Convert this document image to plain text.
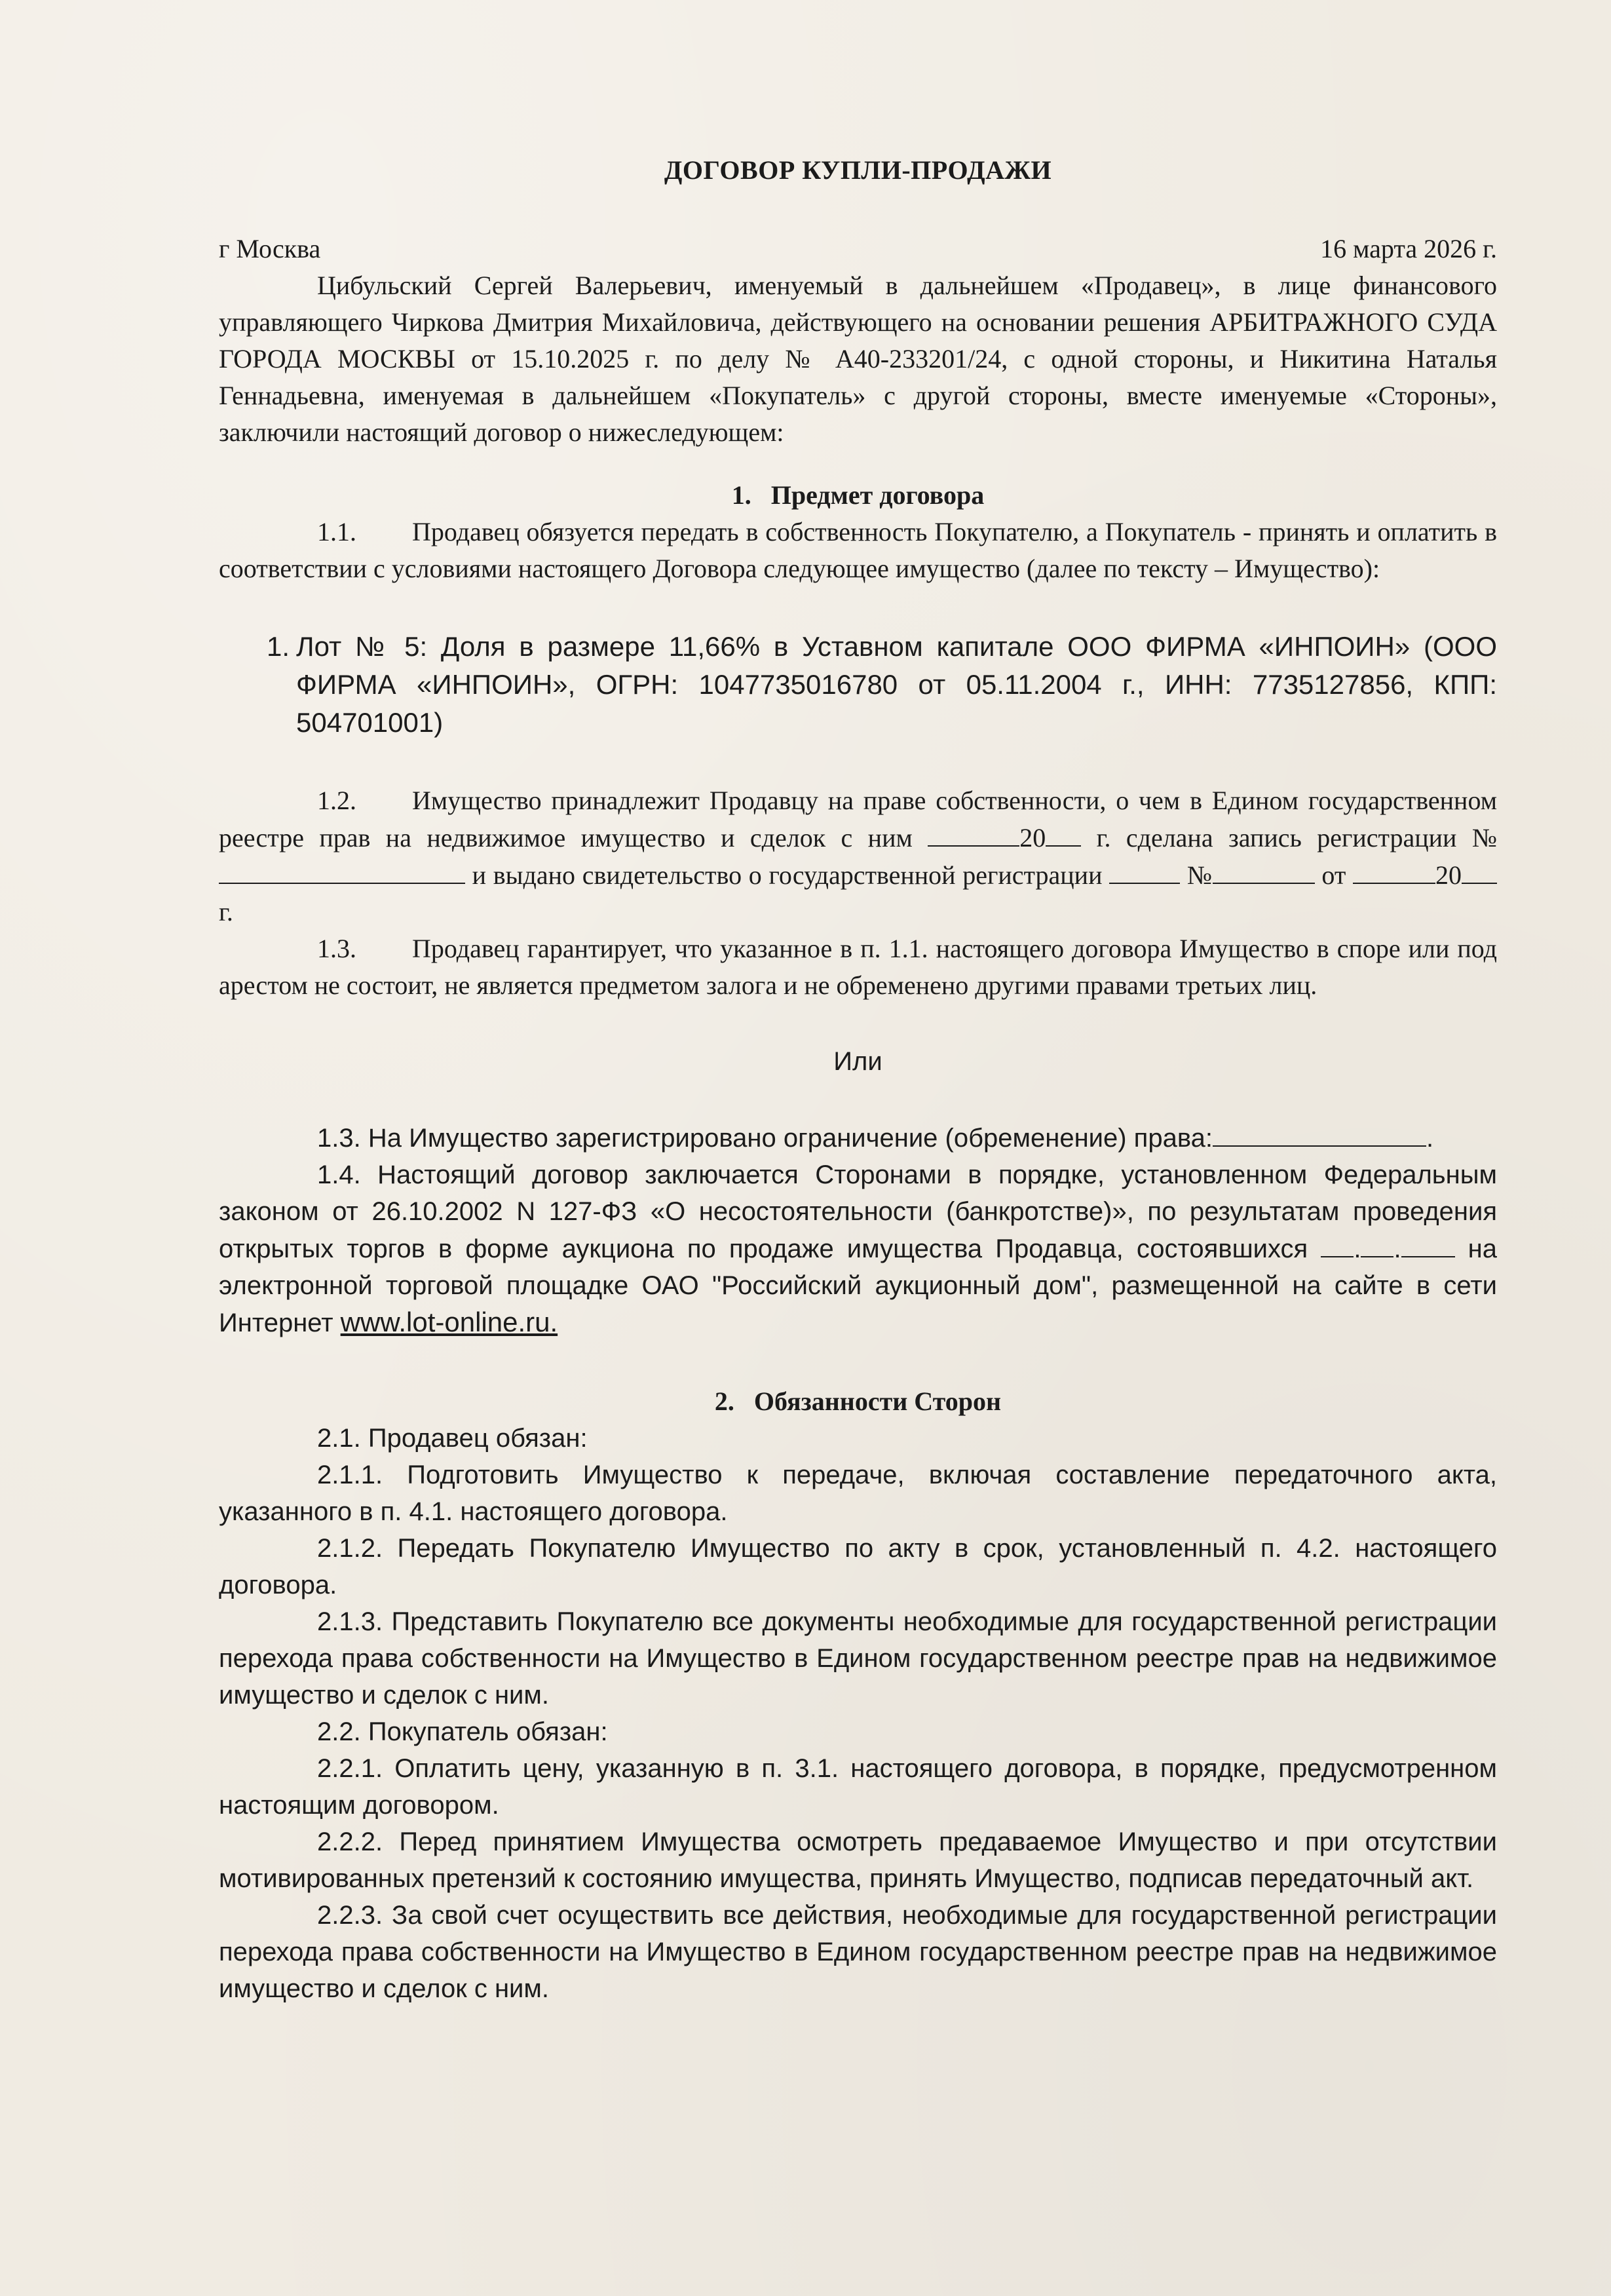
ДОГОВОР КУПЛИ-ПРОДАЖИ
г Москва	16 марта 2026 г.

Цибульский Сергей Валерьевич, именуемый в дальнейшем «Продавец», в лице финансового управляющего Чиркова Дмитрия Михайловича, действующего на основании решения АРБИТРАЖНОГО СУДА ГОРОДА МОСКВЫ от 15.10.2025 г. по делу № А40-233201/24, с одной стороны, и Никитина Наталья Геннадьевна, именуемая в дальнейшем «Покупатель» с другой стороны, вместе именуемые «Стороны», заключили настоящий договор о нижеследующем:

1. Предмет договора

1.1. Продавец обязуется передать в собственность Покупателю, а Покупатель - принять и оплатить в соответствии с условиями настоящего Договора следующее имущество (далее по тексту – Имущество):

1. Лот № 5: Доля в размере 11,66% в Уставном капитале ООО ФИРМА «ИНПОИН» (ООО ФИРМА «ИНПОИН», ОГРН: 1047735016780 от 05.11.2004 г., ИНН: 7735127856, КПП: 504701001)

1.2. Имущество принадлежит Продавцу на праве собственности, о чем в Едином государственном реестре прав на недвижимое имущество и сделок с ним	20 г. сделана запись регистрации № и выдано свидетельство о государственной регистрации	№	от	20 г.

1.3. Продавец гарантирует, что указанное в п. 1.1. настоящего договора Имущество в споре или под арестом не состоит, не является предметом залога и не обременено другими правами третьих лиц.

Или

1.3. На Имущество зарегистрировано ограничение (обременение) права:	.

1.4. Настоящий договор заключается Сторонами в порядке, установленном Федеральным законом от 26.10.2002 N 127-ФЗ «О несостоятельности (банкротстве)», по результатам проведения открытых торгов в форме аукциона по продаже имущества Продавца, состоявшихся . . на электронной торговой площадке ОАО "Российский аукционный дом", размещенной на сайте в сети Интернет www.lot-online.ru.

2. Обязанности Сторон

2.1. Продавец обязан:

2.1.1. Подготовить Имущество к передаче, включая составление передаточного акта, указанного в п. 4.1. настоящего договора.

2.1.2. Передать Покупателю Имущество по акту в срок, установленный п. 4.2. настоящего договора.

2.1.3. Представить Покупателю все документы необходимые для государственной регистрации перехода права собственности на Имущество в Едином государственном реестре прав на недвижимое имущество и сделок с ним.

2.2. Покупатель обязан:

2.2.1. Оплатить цену, указанную в п. 3.1. настоящего договора, в порядке, предусмотренном настоящим договором.

2.2.2. Перед принятием Имущества осмотреть предаваемое Имущество и при отсутствии мотивированных претензий к состоянию имущества, принять Имущество, подписав передаточный акт.

2.2.3. За свой счет осуществить все действия, необходимые для государственной регистрации перехода права собственности на Имущество в Едином государственном реестре прав на недвижимое имущество и сделок с ним.
